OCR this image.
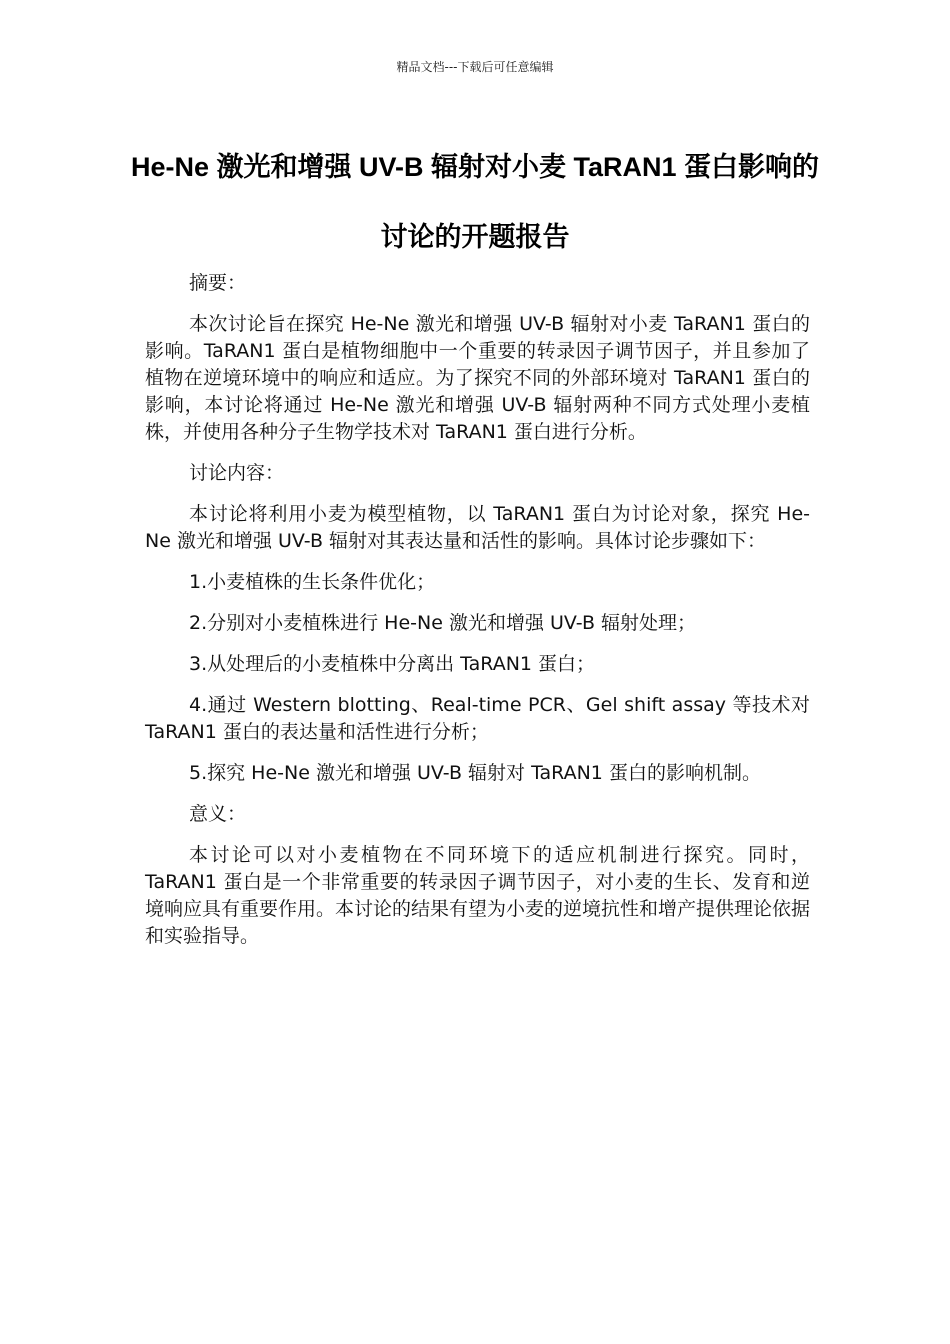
精品文档---下载后可任意编辑
He-Ne 激光和增强 UV-B 辐射对小麦 TaRAN1 蛋白影响的讨论的开题报告

摘要：

本次讨论旨在探究 He-Ne 激光和增强 UV-B 辐射对小麦 TaRAN1 蛋白的影响。TaRAN1 蛋白是植物细胞中一个重要的转录因子调节因子，并且参加了植物在逆境环境中的响应和适应。为了探究不同的外部环境对 TaRAN1 蛋白的影响，本讨论将通过 He-Ne 激光和增强 UV-B 辐射两种不同方式处理小麦植株，并使用各种分子生物学技术对 TaRAN1 蛋白进行分析。

讨论内容：

本讨论将利用小麦为模型植物，以 TaRAN1 蛋白为讨论对象，探究 He-Ne 激光和增强 UV-B 辐射对其表达量和活性的影响。具体讨论步骤如下：

1.小麦植株的生长条件优化；

2.分别对小麦植株进行 He-Ne 激光和增强 UV-B 辐射处理；

3.从处理后的小麦植株中分离出 TaRAN1 蛋白；

4.通过 Western blotting、Real-time PCR、Gel shift assay 等技术对 TaRAN1 蛋白的表达量和活性进行分析；

5.探究 He-Ne 激光和增强 UV-B 辐射对 TaRAN1 蛋白的影响机制。

意义：

本讨论可以对小麦植物在不同环境下的适应机制进行探究。同时，TaRAN1 蛋白是一个非常重要的转录因子调节因子，对小麦的生长、发育和逆境响应具有重要作用。本讨论的结果有望为小麦的逆境抗性和增产提供理论依据和实验指导。
